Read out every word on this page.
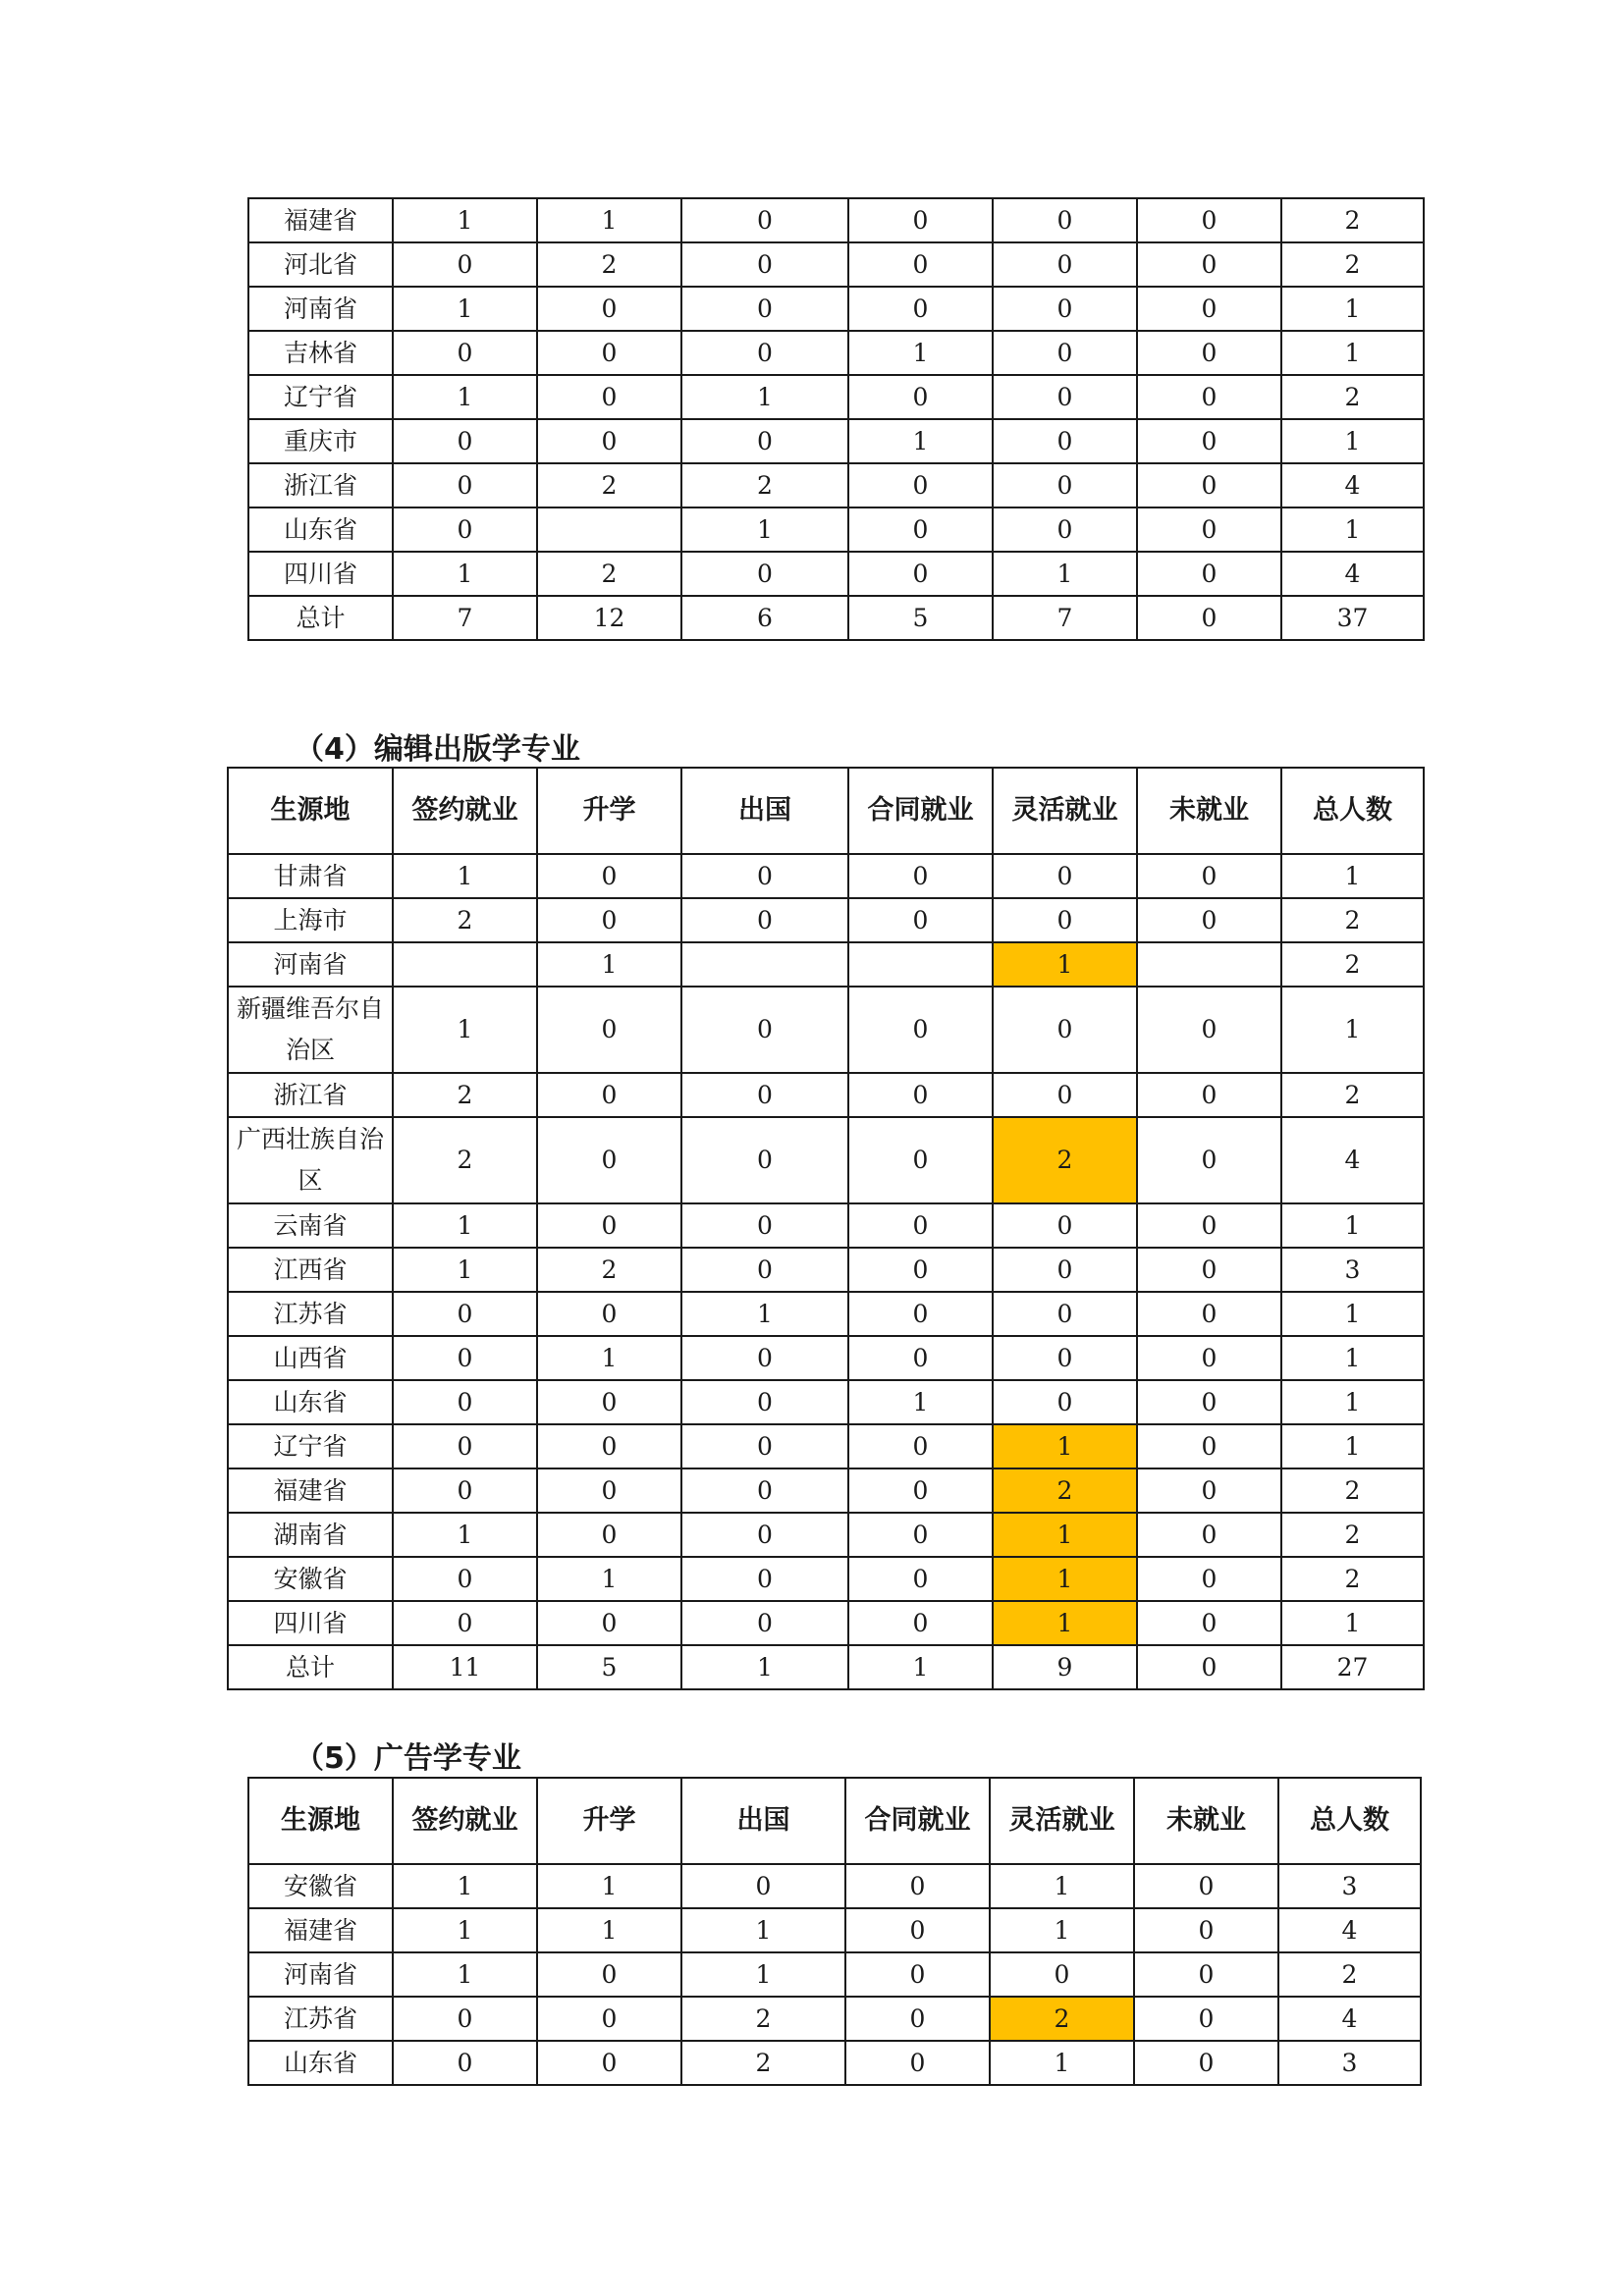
福建省	1	1	0	0	0	0	2
河北省	0	2	0	0	0	0	2
河南省	1	0	0	0	0	0	1
吉林省	0	0	0	1	0	0	1
辽宁省	1	0	1	0	0	0	2
重庆市	0	0	0	1	0	0	1
浙江省	0	2	2	0	0	0	4
山东省	0		1	0	0	0	1
四川省	1	2	0	0	1	0	4
总计	7	12	6	5	7	0	37
（4）编辑出版学专业
生源地	签约就业	升学	出国	合同就业	灵活就业	未就业	总人数
甘肃省	1	0	0	0	0	0	1
上海市	2	0	0	0	0	0	2
河南省		1			1		2
新疆维吾尔自治区	1	0	0	0	0	0	1
浙江省	2	0	0	0	0	0	2
广西壮族自治区	2	0	0	0	2	0	4
云南省	1	0	0	0	0	0	1
江西省	1	2	0	0	0	0	3
江苏省	0	0	1	0	0	0	1
山西省	0	1	0	0	0	0	1
山东省	0	0	0	1	0	0	1
辽宁省	0	0	0	0	1	0	1
福建省	0	0	0	0	2	0	2
湖南省	1	0	0	0	1	0	2
安徽省	0	1	0	0	1	0	2
四川省	0	0	0	0	1	0	1
总计	11	5	1	1	9	0	27
（5）广告学专业
生源地	签约就业	升学	出国	合同就业	灵活就业	未就业	总人数
安徽省	1	1	0	0	1	0	3
福建省	1	1	1	0	1	0	4
河南省	1	0	1	0	0	0	2
江苏省	0	0	2	0	2	0	4
山东省	0	0	2	0	1	0	3
